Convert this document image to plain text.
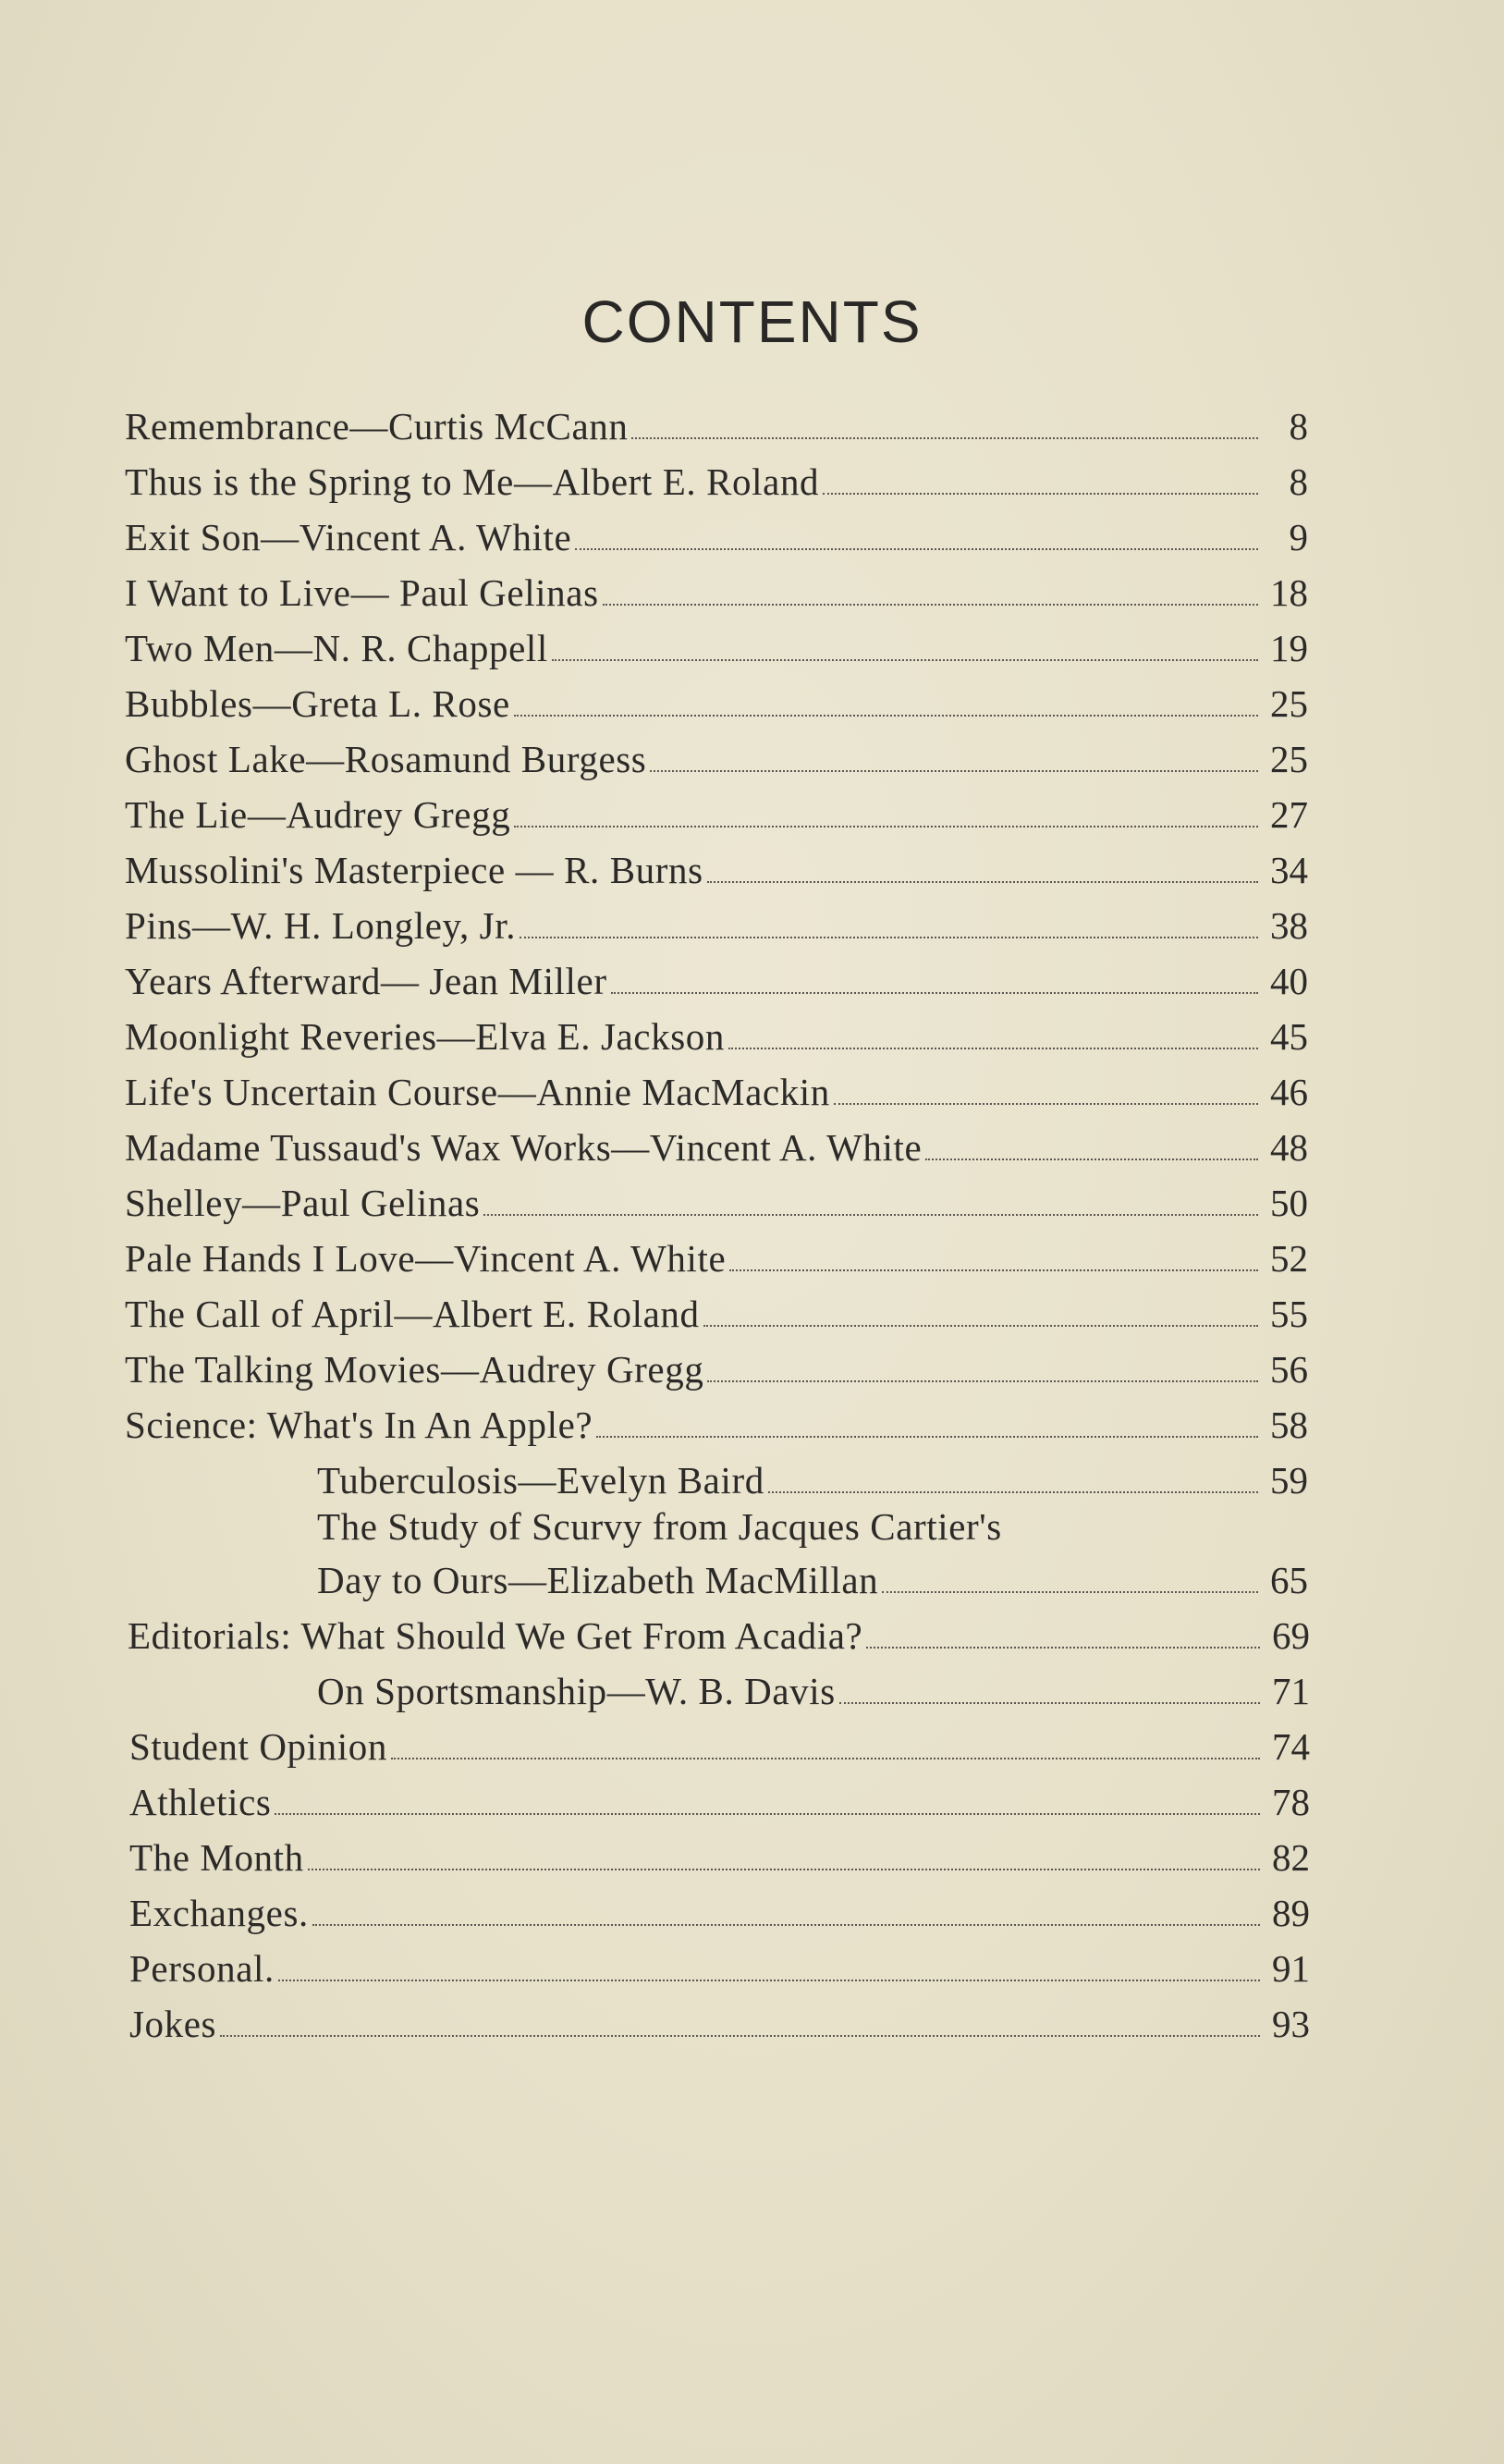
CONTENTS
Remembrance—Curtis McCann	8
Thus is the Spring to Me—Albert E. Roland	8
Exit Son—Vincent A. White	9
I Want to Live— Paul Gelinas	18
Two Men—N. R. Chappell	19
Bubbles—Greta L. Rose	25
Ghost Lake—Rosamund Burgess	25
The Lie—Audrey Gregg	27
Mussolini's Masterpiece — R. Burns	34
Pins—W. H. Longley, Jr.	38
Years Afterward— Jean Miller	40
Moonlight Reveries—Elva E. Jackson	45
Life's Uncertain Course—Annie MacMackin	46
Madame Tussaud's Wax Works—Vincent A. White	48
Shelley—Paul Gelinas	50
Pale Hands I Love—Vincent A. White	52
The Call of April—Albert E. Roland	55
The Talking Movies—Audrey Gregg	56
Science: What's In An Apple?	58
Tuberculosis—Evelyn Baird	59
The Study of Scurvy from Jacques Cartier's
Day to Ours—Elizabeth MacMillan	65
Editorials: What Should We Get From Acadia?	69
On Sportsmanship—W. B. Davis	71
Student Opinion	74
Athletics	78
The Month	82
Exchanges.	89
Personal.	91
Jokes	93
